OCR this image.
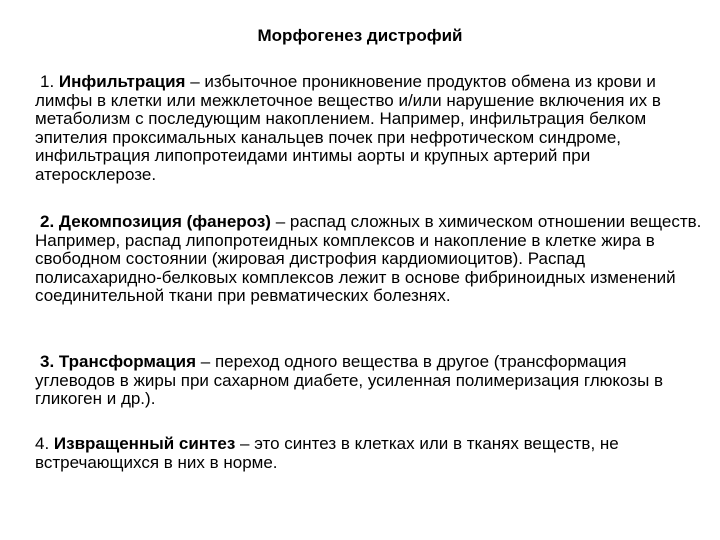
Морфогенез дистрофий

1. Инфильтрация – избыточное проникновение продуктов обмена из крови и лимфы в клетки или межклеточное вещество и/или нарушение включения их в метаболизм с последующим накоплением. Например, инфильтрация белком эпителия проксимальных канальцев почек при нефротическом синдроме, инфильтрация липопротеидами интимы аорты и крупных артерий при атеросклерозе.

2. Декомпозиция (фанероз) – распад сложных в химическом отношении веществ. Например, распад липопротеидных комплексов и накопление в клетке жира в свободном состоянии (жировая дистрофия кардиомиоцитов). Распад полисахаридно-белковых комплексов лежит в основе фибриноидных изменений соединительной ткани при ревматических болезнях.

3. Трансформация – переход одного вещества в другое (трансформация углеводов в жиры при сахарном диабете, усиленная полимеризация глюкозы в гликоген и др.).

4. Извращенный синтез – это синтез в клетках или в тканях веществ, не встречающихся в них в норме.
